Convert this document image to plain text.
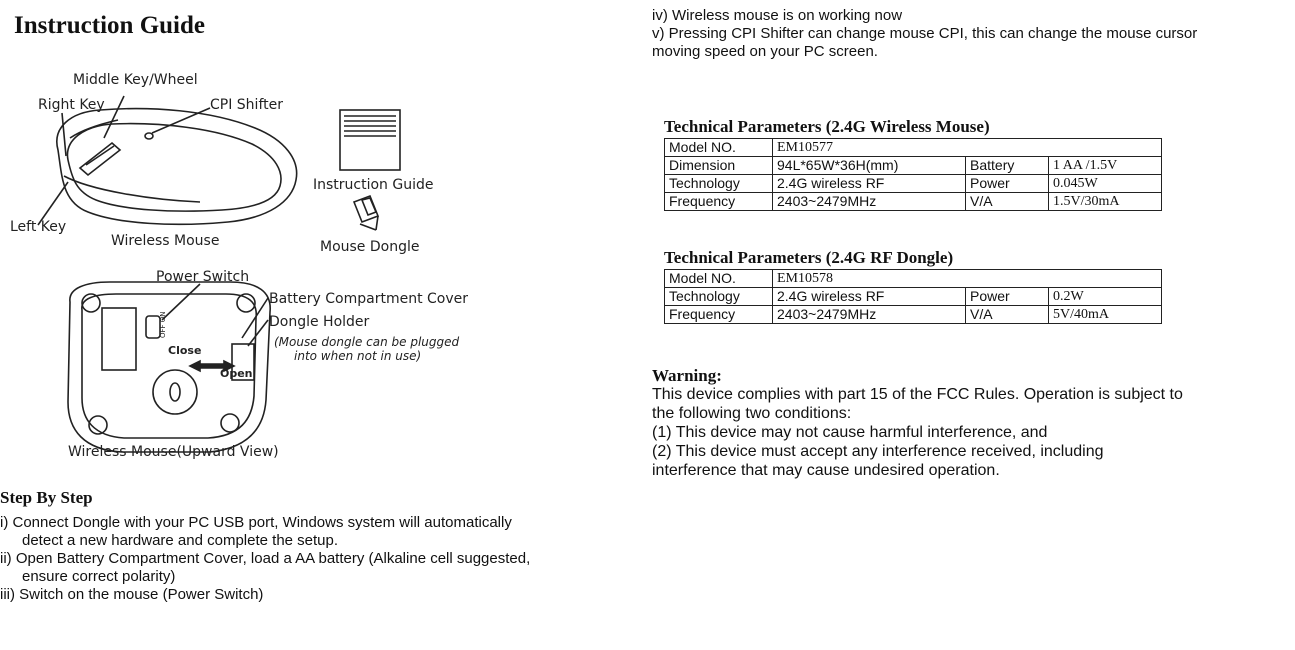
Instruction Guide
Middle Key/Wheel
Right Key	CPI Shifter
Left Key
Wireless Mouse
Instruction Guide
Mouse Dongle
Power Switch
Battery Compartment Cover
Dongle Holder
(Mouse dongle can be plugged
into when not in use)
Close
Open
OFF ON
Wireless Mouse(Upward View)
Step By Step
i) Connect Dongle with your PC USB port, Windows system will automatically
detect a new hardware and complete the setup.
ii) Open Battery Compartment Cover, load a AA battery (Alkaline cell suggested,
ensure correct polarity)
iii) Switch on the mouse (Power Switch)
iv) Wireless mouse is on working now
v) Pressing CPI Shifter can change mouse CPI, this can change the mouse cursor
moving speed on your PC screen.
Technical Parameters (2.4G Wireless Mouse)
Model NO.	EM10577		
Dimension	94L*65W*36H(mm)	Battery	1 AA /1.5V
Technology	2.4G wireless RF	Power	0.045W
Frequency	2403~2479MHz	V/A	1.5V/30mA
Technical Parameters (2.4G RF Dongle)
Model NO.	EM10578		
Technology	2.4G wireless RF	Power	0.2W
Frequency	2403~2479MHz	V/A	5V/40mA
Warning:
This device complies with part 15 of the FCC Rules. Operation is subject to
the following two conditions:
(1) This device may not cause harmful interference, and
(2) This device must accept any interference received, including
interference that may cause undesired operation.
